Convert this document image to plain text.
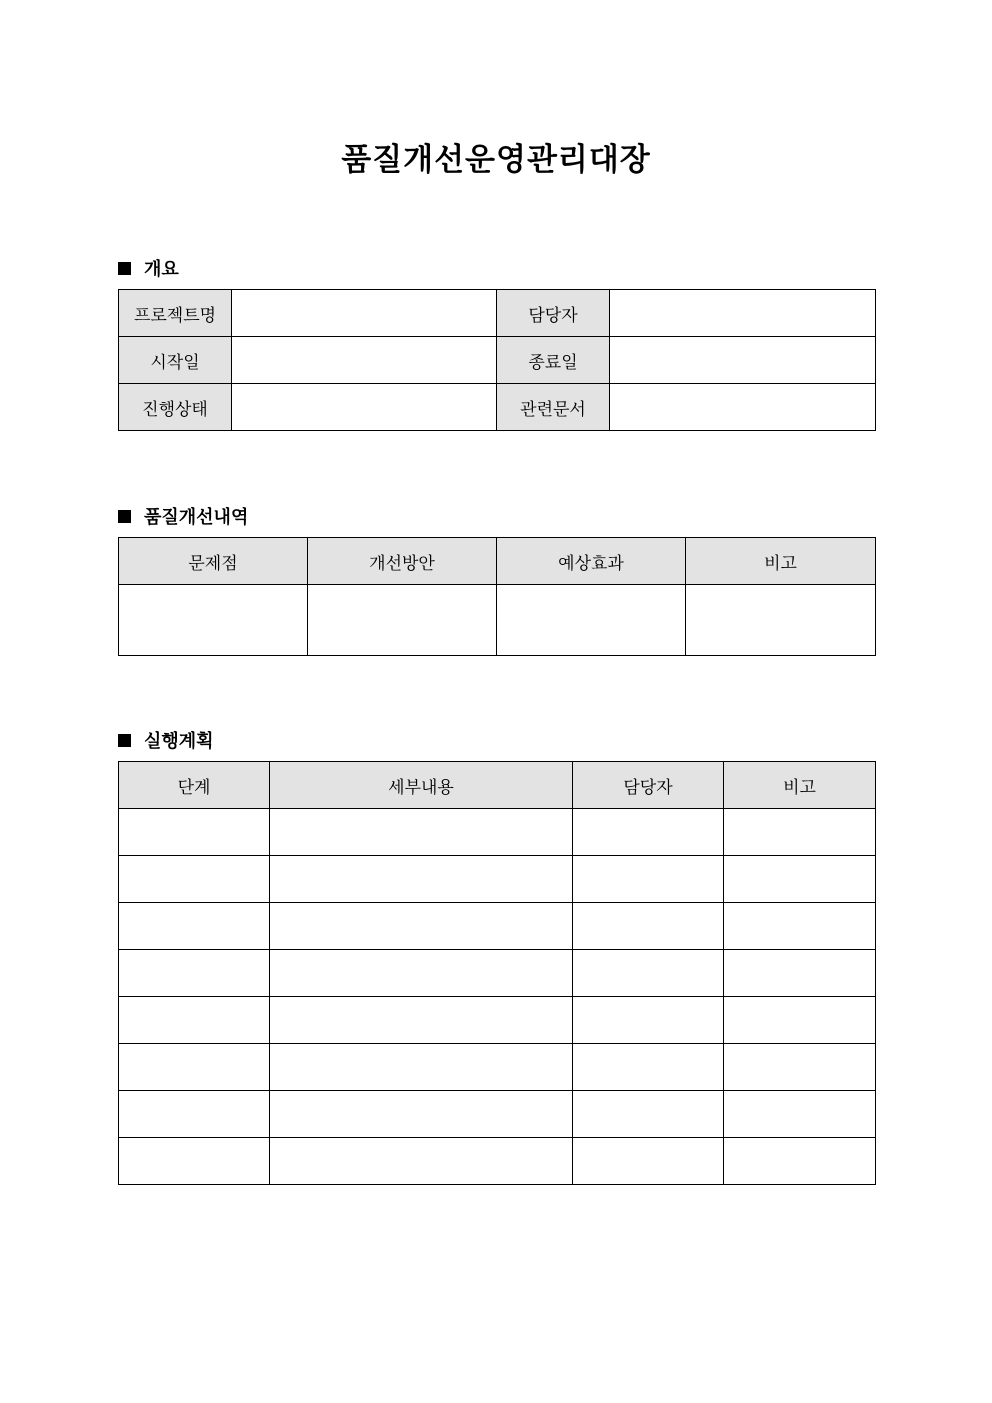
품질개선운영관리대장
개요
프로젝트명		담당자	
시작일		종료일	
진행상태		관련문서	
품질개선내역
문제점	개선방안	예상효과	비고

실행계획
단계	세부내용	담당자	비고
